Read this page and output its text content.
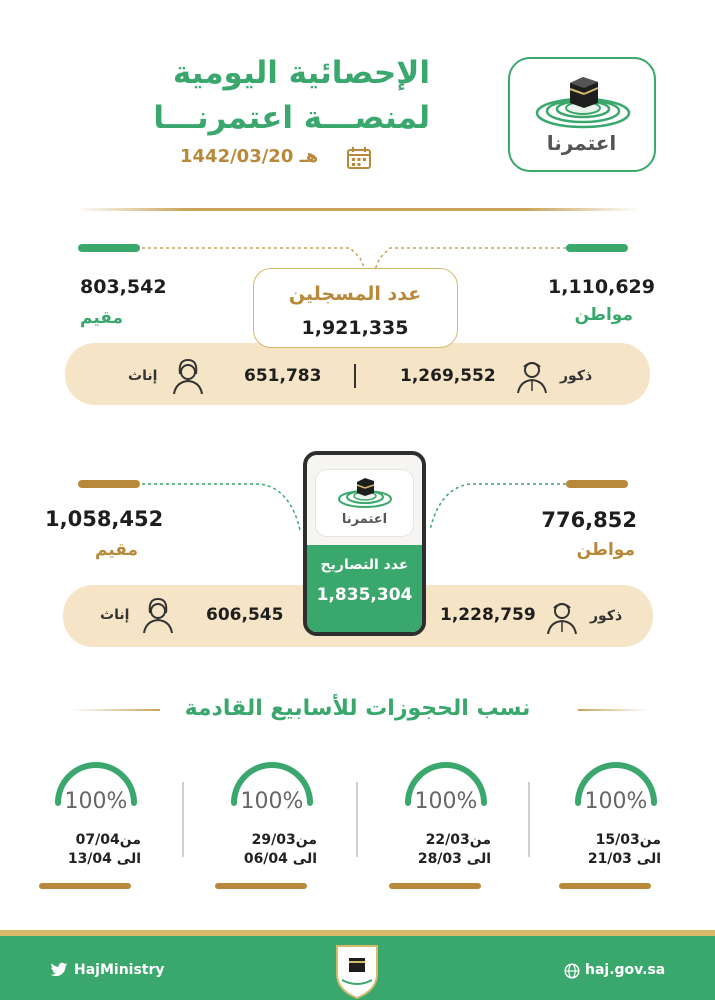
اعتمرنا
الإحصائية اليومية
لمنصـــة اعتمرنـــا
هـ 1442/03/20
803,542
مقيم
1,110,629
مواطن
عدد المسجلين
1,921,335
إناث	651,783	1,269,552	ذكور
1,058,452
مقيم
776,852
مواطن
إناث	606,545	1,228,759	ذكور
اعتمرنا
عدد التصاريح
1,835,304
نسب الحجوزات للأسابيع القادمة
100%
من15/03
الى 21/03
100%
من22/03
الى 28/03
100%
من29/03
الى 06/04
100%
من07/04
الى 13/04
HajMinistry	haj.gov.sa
